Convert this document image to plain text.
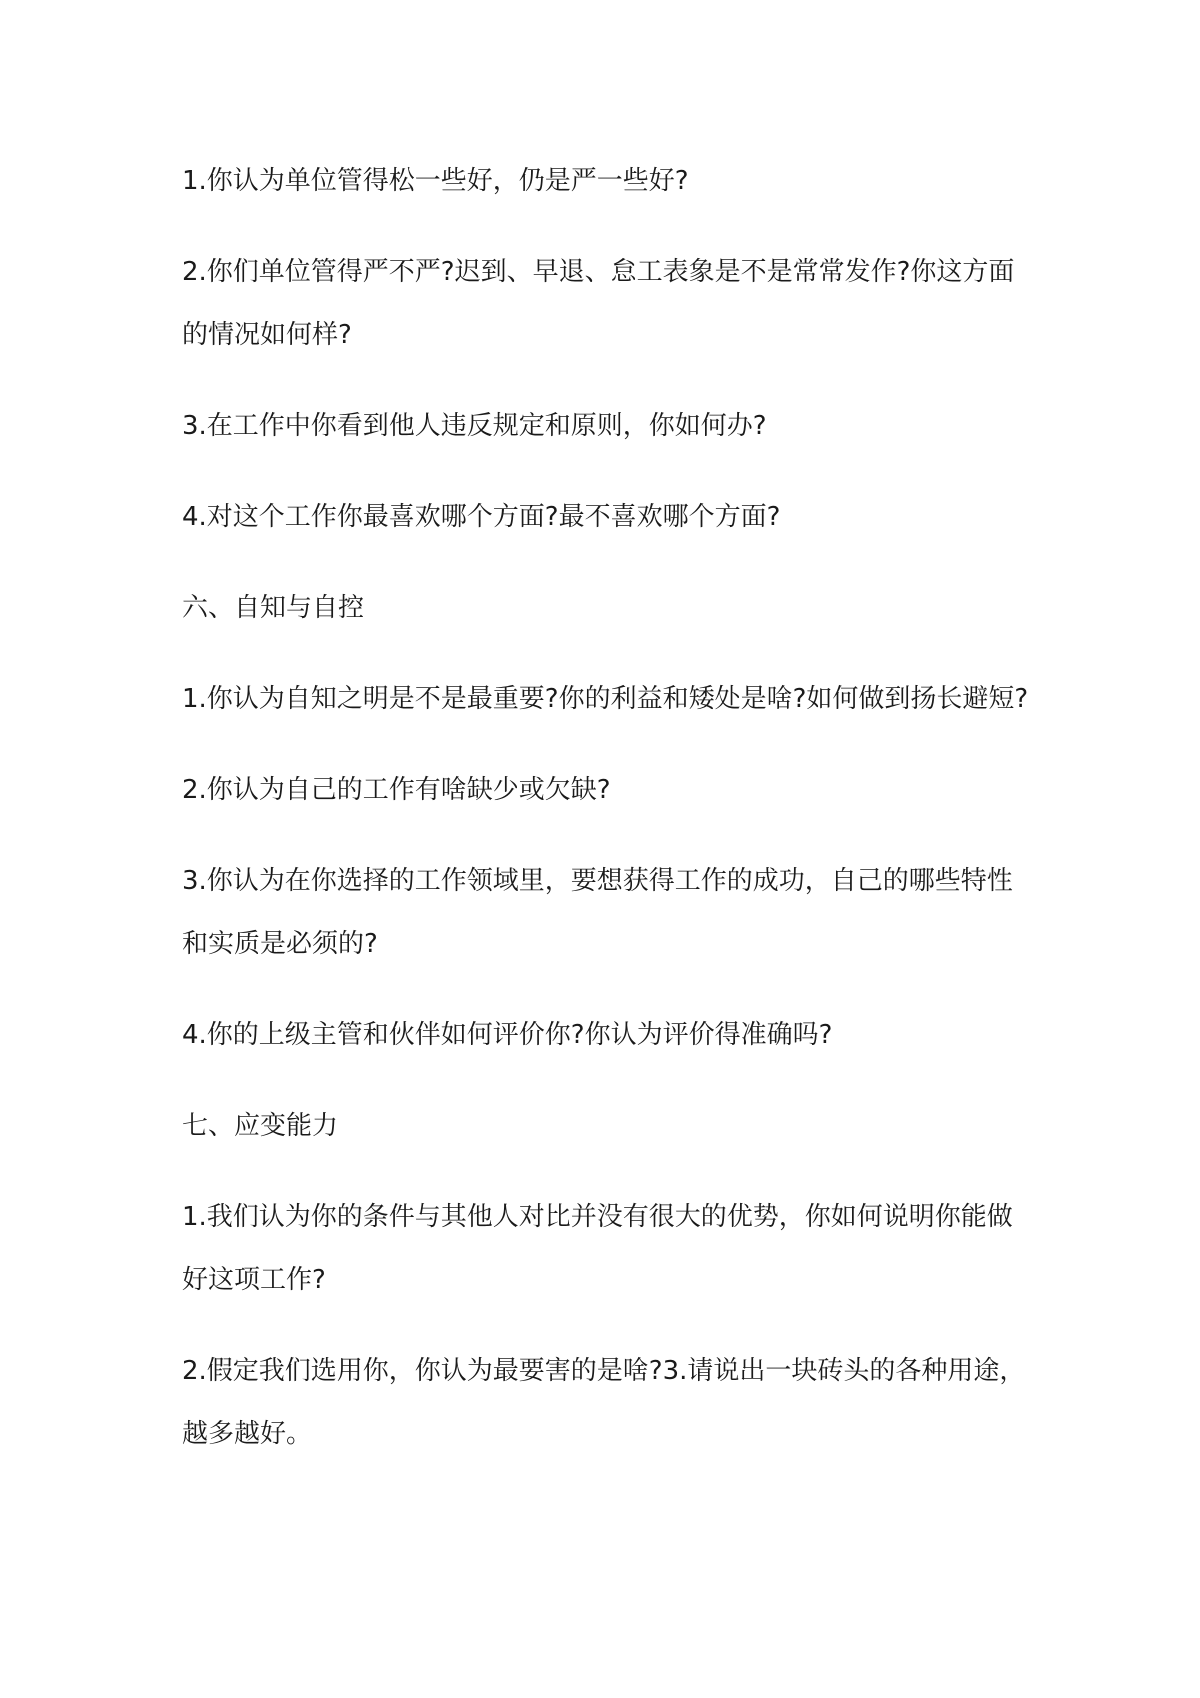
1.你认为单位管得松一些好，仍是严一些好?

2.你们单位管得严不严?迟到、早退、怠工表象是不是常常发作?你这方面的情况如何样?

3.在工作中你看到他人违反规定和原则，你如何办?

4.对这个工作你最喜欢哪个方面?最不喜欢哪个方面?

六、自知与自控

1.你认为自知之明是不是最重要?你的利益和矮处是啥?如何做到扬长避短?

2.你认为自己的工作有啥缺少或欠缺?

3.你认为在你选择的工作领域里，要想获得工作的成功，自己的哪些特性和实质是必须的?

4.你的上级主管和伙伴如何评价你?你认为评价得准确吗?

七、应变能力

1.我们认为你的条件与其他人对比并没有很大的优势，你如何说明你能做好这项工作?

2.假定我们选用你，你认为最要害的是啥?3.请说出一块砖头的各种用途，越多越好。
